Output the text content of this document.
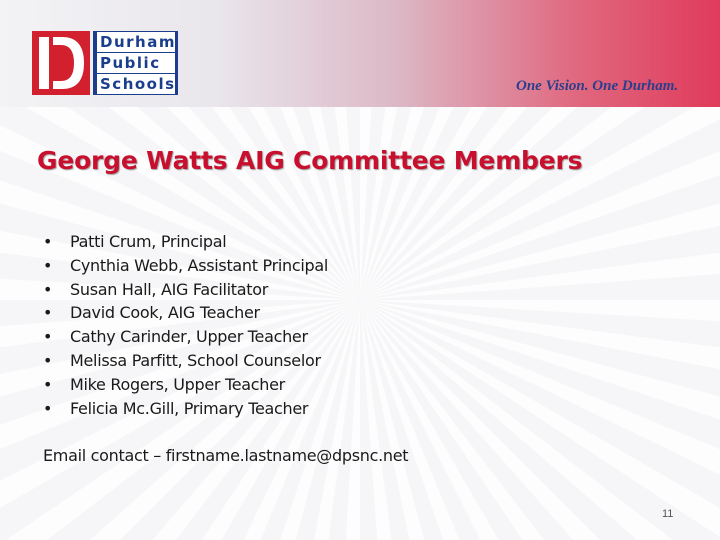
Durham
Public
Schools	One Vision. One Durham.
George Watts AIG Committee Members
• Patti Crum, Principal
• Cynthia Webb, Assistant Principal
• Susan Hall, AIG Facilitator
• David Cook, AIG Teacher
• Cathy Carinder, Upper Teacher
• Melissa Parfitt, School Counselor
• Mike Rogers, Upper Teacher
• Felicia Mc.Gill, Primary Teacher
Email contact – firstname.lastname@dpsnc.net
11
